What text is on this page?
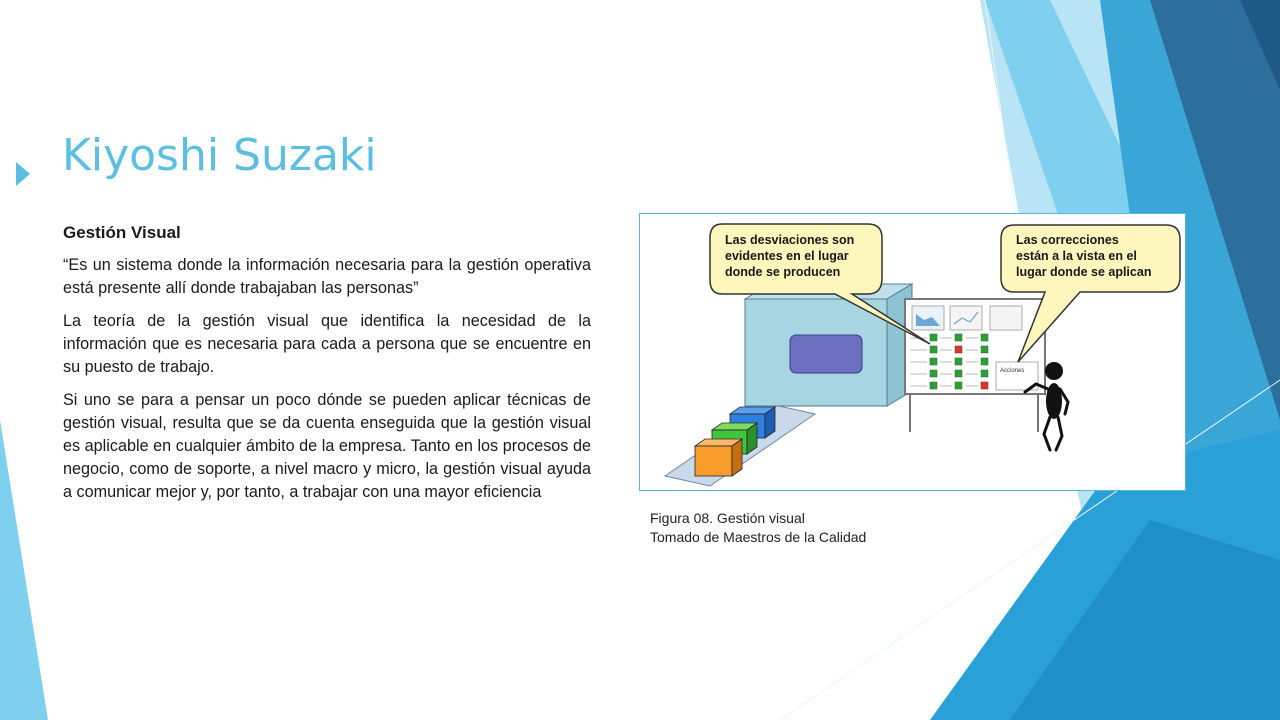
Kiyoshi Suzaki
Gestión Visual

“Es un sistema donde la información necesaria para la gestión operativa está presente allí donde trabajaban las personas”

La teoría de la gestión visual que identifica la necesidad de la información que es necesaria para cada a persona que se encuentre en su puesto de trabajo.

Si uno se para a pensar un poco dónde se pueden aplicar técnicas de gestión visual, resulta que se da cuenta enseguida que la gestión visual es aplicable en cualquier ámbito de la empresa. Tanto en los procesos de negocio, como de soporte, a nivel macro y micro, la gestión visual ayuda a comunicar mejor y, por tanto, a trabajar con una mayor eficiencia

Acciones
Las desviaciones son
evidentes en el lugar
donde se producen
Las correcciones
están a la vista en el
lugar donde se aplican
Figura 08. Gestión visual
Tomado de Maestros de la Calidad
